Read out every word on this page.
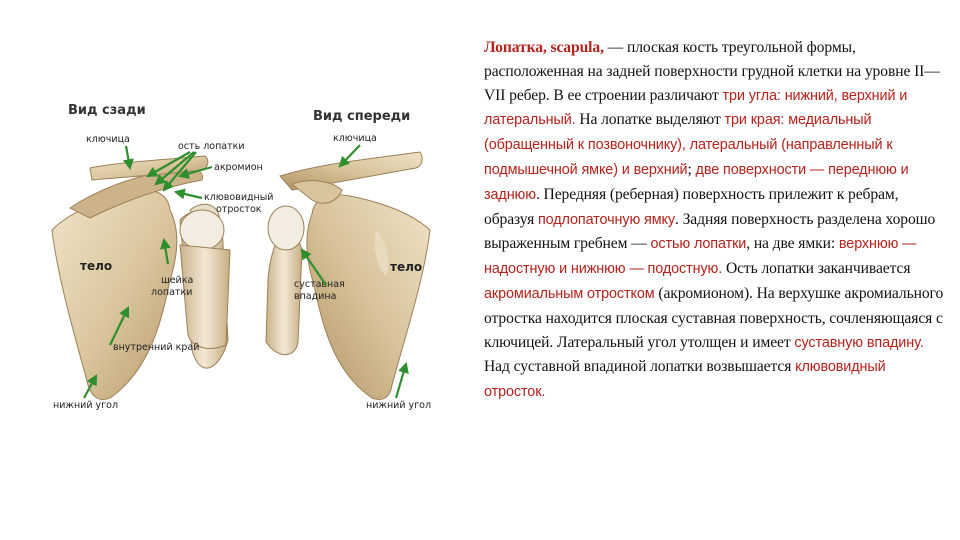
Вид сзади	Вид спереди
ключица
ость лопатки
акромион
клювовидный
отросток
тело
шейка
лопатки
внутренний край
нижний угол
ключица
тело
суставная
впадина
нижний угол
Лопатка, scapula, — плоская кость треугольной формы, расположенная на задней поверхности грудной клетки на уровне II—VII ребер. В ее строении различают три угла: нижний, верхний и латеральный. На лопатке выделяют три края: медиальный (обращенный к позвоночнику), латеральный (направленный к подмышечной ямке) и верхний; две поверхности — переднюю и заднюю. Передняя (реберная) поверхность прилежит к ребрам, образуя подлопаточную ямку. Задняя поверхность разделена хорошо выраженным гребнем — остью лопатки, на две ямки: верхнюю — надостную и нижнюю — подостную. Ость лопатки заканчивается акромиальным отростком (акромионом). На верхушке акромиального отростка находится плоская суставная поверхность, сочленяющаяся с ключицей. Латеральный угол утолщен и имеет суставную впадину. Над суставной впадиной лопатки возвышается клювовидный отросток.
